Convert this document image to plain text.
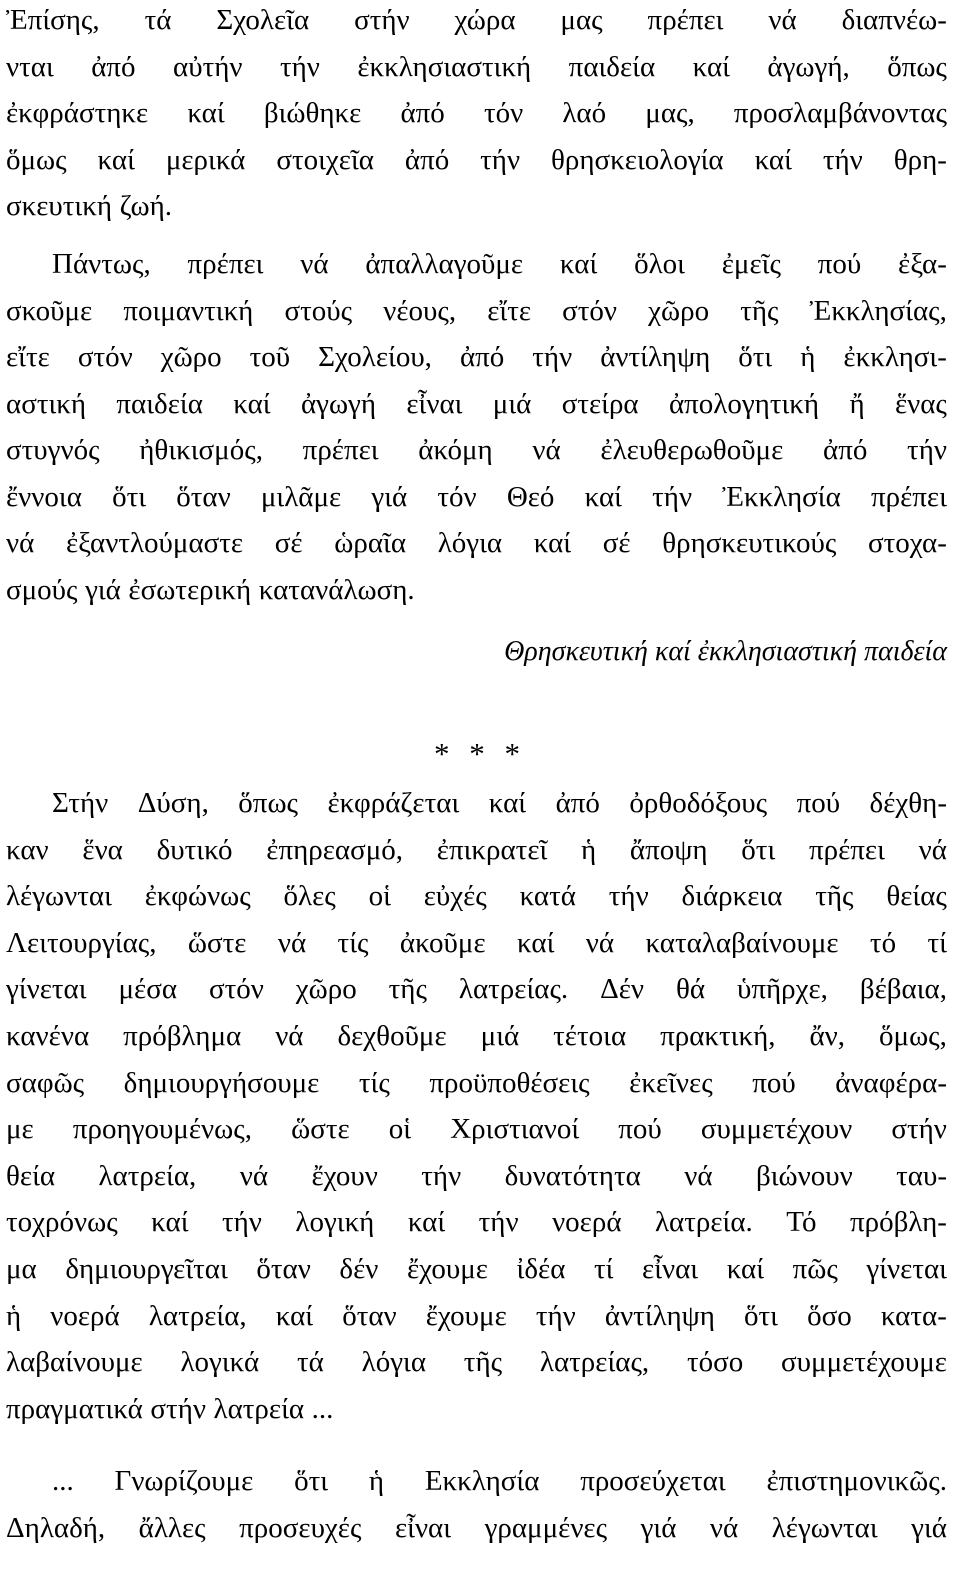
Ἐπίσης, τά Σχολεῖα στήν χώρα μας πρέπει νά διαπνέω-
νται ἀπό αὐτήν τήν ἐκκλησιαστική παιδεία καί ἀγωγή, ὅπως
ἐκφράστηκε καί βιώθηκε ἀπό τόν λαό μας, προσλαμβάνοντας
ὅμως καί μερικά στοιχεῖα ἀπό τήν θρησκειολογία καί τήν θρη-
σκευτική ζωή.
Πάντως, πρέπει νά ἀπαλλαγοῦμε καί ὅλοι ἐμεῖς πού ἐξα-
σκοῦμε ποιμαντική στούς νέους, εἴτε στόν χῶρο τῆς Ἐκκλησίας,
εἴτε στόν χῶρο τοῦ Σχολείου, ἀπό τήν ἀντίληψη ὅτι ἡ ἐκκλησι-
αστική παιδεία καί ἀγωγή εἶναι μιά στείρα ἀπολογητική ἤ ἕνας
στυγνός ἠθικισμός, πρέπει ἀκόμη νά ἐλευθερωθοῦμε ἀπό τήν
ἔννοια ὅτι ὅταν μιλᾶμε γιά τόν Θεό καί τήν Ἐκκλησία πρέπει
νά ἐξαντλούμαστε σέ ὡραῖα λόγια καί σέ θρησκευτικούς στοχα-
σμούς γιά ἐσωτερική κατανάλωση.
Θρησκευτική καί ἐκκλησιαστική παιδεία
* * *
Στήν Δύση, ὅπως ἐκφράζεται καί ἀπό ὀρθοδόξους πού δέχθη-
καν ἕνα δυτικό ἐπηρεασμό, ἐπικρατεῖ ἡ ἄποψη ὅτι πρέπει νά
λέγωνται ἐκφώνως ὅλες οἱ εὐχές κατά τήν διάρκεια τῆς θείας
Λειτουργίας, ὥστε νά τίς ἀκοῦμε καί νά καταλαβαίνουμε τό τί
γίνεται μέσα στόν χῶρο τῆς λατρείας. Δέν θά ὑπῆρχε, βέβαια,
κανένα πρόβλημα νά δεχθοῦμε μιά τέτοια πρακτική, ἄν, ὅμως,
σαφῶς δημιουργήσουμε τίς προϋποθέσεις ἐκεῖνες πού ἀναφέρα-
με προηγουμένως, ὥστε οἱ Χριστιανοί πού συμμετέχουν στήν
θεία λατρεία, νά ἔχουν τήν δυνατότητα νά βιώνουν ταυ-
τοχρόνως καί τήν λογική καί τήν νοερά λατρεία. Τό πρόβλη-
μα δημιουργεῖται ὅταν δέν ἔχουμε ἰδέα τί εἶναι καί πῶς γίνεται
ἡ νοερά λατρεία, καί ὅταν ἔχουμε τήν ἀντίληψη ὅτι ὅσο κατα-
λαβαίνουμε λογικά τά λόγια τῆς λατρείας, τόσο συμμετέχουμε
πραγματικά στήν λατρεία ...
... Γνωρίζουμε ὅτι ἡ Εκκλησία προσεύχεται ἐπιστημονικῶς.
Δηλαδή, ἄλλες προσευχές εἶναι γραμμένες γιά νά λέγωνται γιά
